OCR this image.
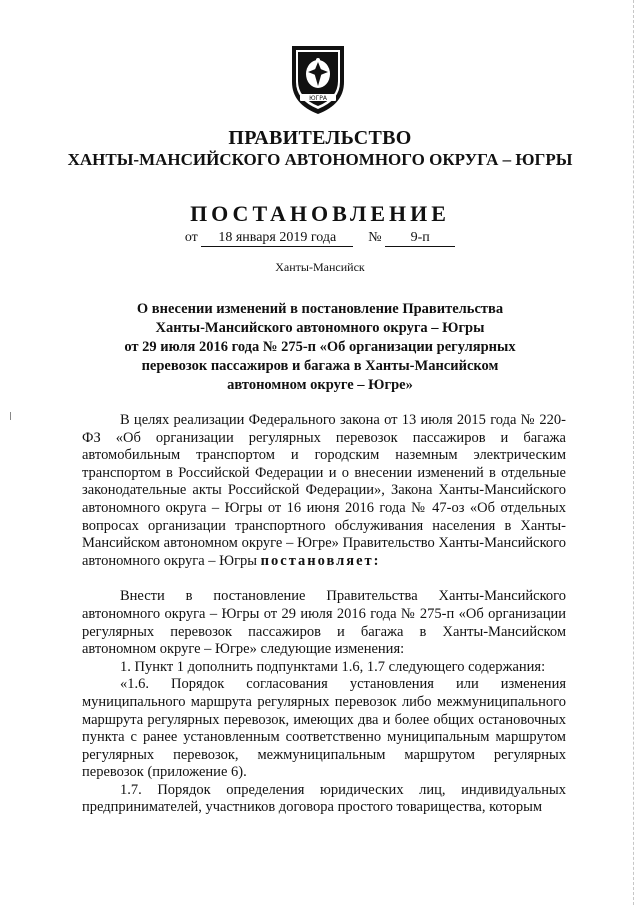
ЮГРА
ПРАВИТЕЛЬСТВО
ХАНТЫ-МАНСИЙСКОГО АВТОНОМНОГО ОКРУГА – ЮГРЫ
ПОСТАНОВЛЕНИЕ
от 18 января 2019 года № 9-п
Ханты-Мансийск
О внесении изменений в постановление Правительства
Ханты-Мансийского автономного округа – Югры
от 29 июля 2016 года № 275-п «Об организации регулярных
перевозок пассажиров и багажа в Ханты-Мансийском
автономном округе – Югре»

В целях реализации Федерального закона от 13 июля 2015 года № 220-ФЗ «Об организации регулярных перевозок пассажиров и багажа автомобильным транспортом и городским наземным электрическим транспортом в Российской Федерации и о внесении изменений в отдельные законодательные акты Российской Федерации», Закона Ханты-Мансийского автономного округа – Югры от 16 июня 2016 года № 47-оз «Об отдельных вопросах организации транспортного обслуживания населения в Ханты-Мансийском автономном округе – Югре» Правительство Ханты-Мансийского автономного округа – Югры постановляет:

Внести в постановление Правительства Ханты-Мансийского автономного округа – Югры от 29 июля 2016 года № 275-п «Об организации регулярных перевозок пассажиров и багажа в Ханты-Мансийском автономном округе – Югре» следующие изменения:

1. Пункт 1 дополнить подпунктами 1.6, 1.7 следующего содержания:

«1.6. Порядок согласования установления или изменения муниципального маршрута регулярных перевозок либо межмуниципального маршрута регулярных перевозок, имеющих два и более общих остановочных пункта с ранее установленным соответственно муниципальным маршрутом регулярных перевозок, межмуниципальным маршрутом регулярных перевозок (приложение 6).

1.7. Порядок определения юридических лиц, индивидуальных предпринимателей, участников договора простого товарищества, которым
